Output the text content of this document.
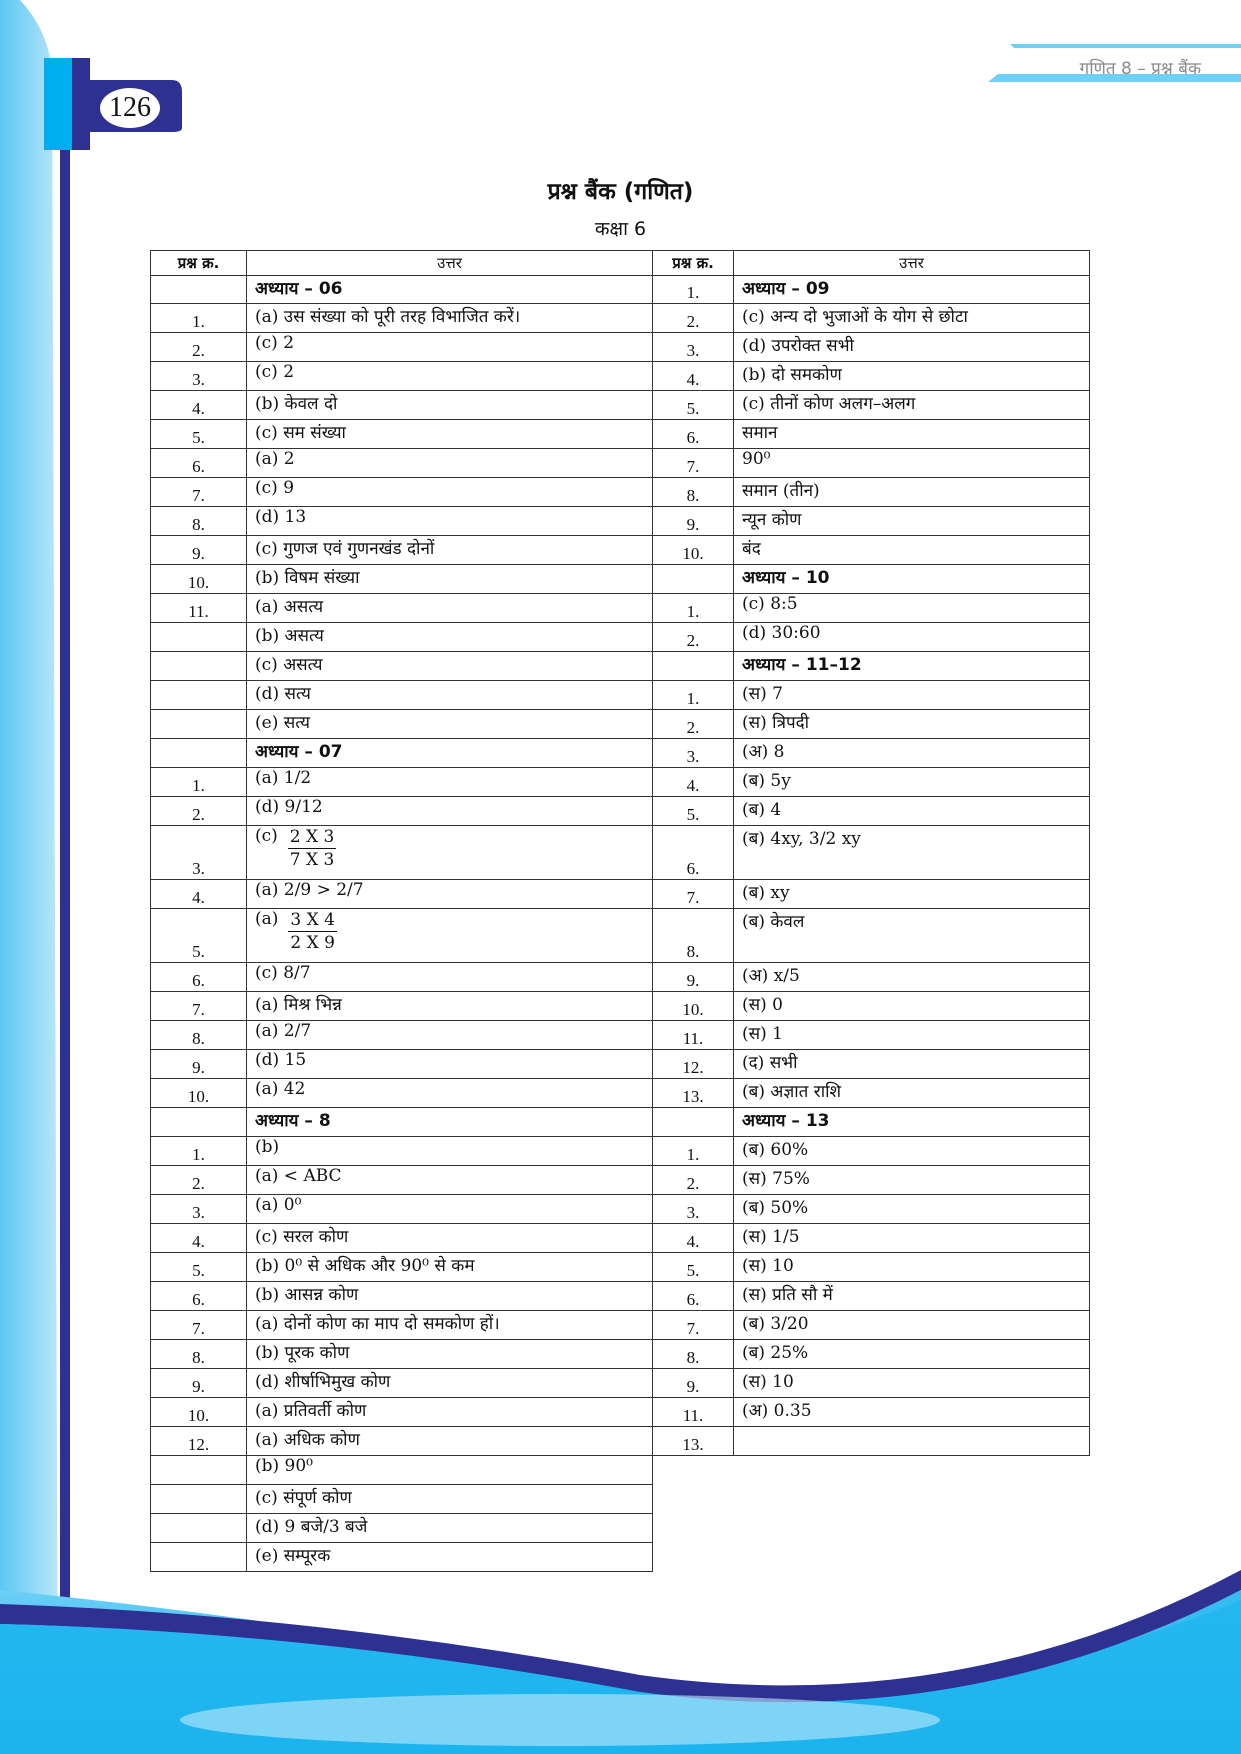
126
गणित 8 – प्रश्न बैंक
प्रश्न बैंक (गणित)
कक्षा 6
प्रश्न क्र.	उत्तर
	अध्याय – 06
1.	(a) उस संख्या को पूरी तरह विभाजित करें।
2.	(c) 2
3.	(c) 2
4.	(b) केवल दो
5.	(c) सम संख्या
6.	(a) 2
7.	(c) 9
8.	(d) 13
9.	(c) गुणज एवं गुणनखंड दोनों
10.	(b) विषम संख्या
11.	(a) असत्य
	(b) असत्य
	(c) असत्य
	(d) सत्य
	(e) सत्य
	अध्याय – 07
1.	(a) 1/2
2.	(d) 9/12
3.	$(c) \frac{2 X 3}{7 X 3}$

4.	(a) 2/9 > 2/7
5.	$(a) \frac{3 X 4}{2 X 9}$

6.	(c) 8/7
7.	(a) मिश्र भिन्न
8.	(a) 2/7
9.	(d) 15
10.	(a) 42
	अध्याय – 8
1.	(b)
2.	(a) < ABC
3.	(a) 0⁰
4.	(c) सरल कोण
5.	(b) 0⁰ से अधिक और 90⁰ से कम
6.	(b) आसन्न कोण
7.	(a) दोनों कोण का माप दो समकोण हों।
8.	(b) पूरक कोण
9.	(d) शीर्षाभिमुख कोण
10.	(a) प्रतिवर्ती कोण
12.	(a) अधिक कोण
	(b) 90⁰
	(c) संपूर्ण कोण
	(d) 9 बजे/3 बजे
	(e) सम्पूरक
प्रश्न क्र.	उत्तर
1.	अध्याय – 09
2.	(c) अन्य दो भुजाओं के योग से छोटा
3.	(d) उपरोक्त सभी
4.	(b) दो समकोण
5.	(c) तीनों कोण अलग–अलग
6.	समान
7.	90⁰
8.	समान (तीन)
9.	न्यून कोण
10.	बंद
	अध्याय – 10
1.	(c) 8:5
2.	(d) 30:60
	अध्याय – 11–12
1.	(स) 7
2.	(स) त्रिपदी
3.	(अ) 8
4.	(ब) 5y
5.	(ब) 4
6.	(ब) 4xy, 3/2 xy
7.	(ब) xy
8.	(ब) केवल
9.	(अ) x/5
10.	(स) 0
11.	(स) 1
12.	(द) सभी
13.	(ब) अज्ञात राशि
	अध्याय – 13
1.	(ब) 60%
2.	(स) 75%
3.	(ब) 50%
4.	(स) 1/5
5.	(स) 10
6.	(स) प्रति सौ में
7.	(ब) 3/20
8.	(ब) 25%
9.	(स) 10
11.	(अ) 0.35
13.	
